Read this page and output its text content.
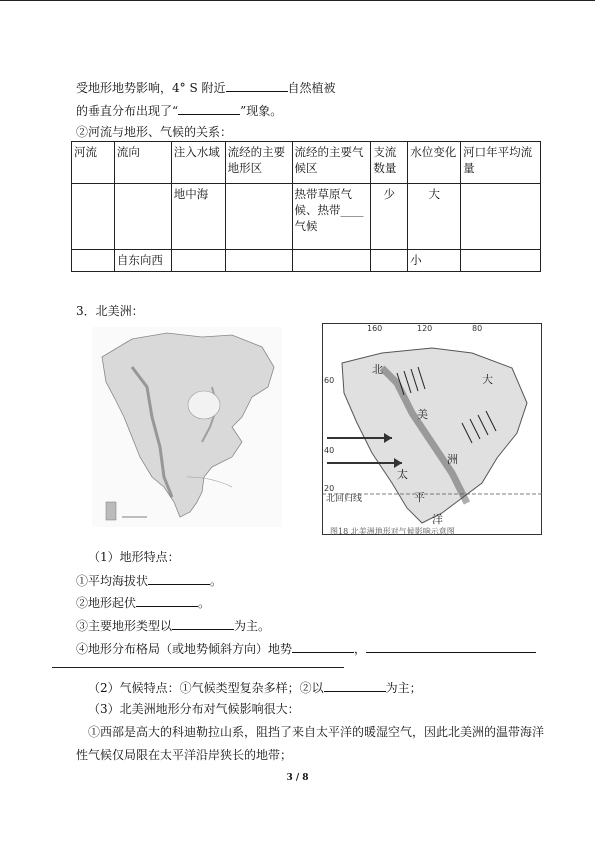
受地形地势影响，4° S 附近	自然植被
的垂直分布出现了“	”现象。
②河流与地形、气候的关系：
河流	流向	注入水域	流经的主要地形区	流经的主要气候区	支流数量	水位变化	河口年平均流量
		地中海		热带草原气候、热带____气候	少	大	
	自东向西					小	
3．北美洲：
160	120	80
60
40
20
北回归线
北
美
洲
太
平
洋
大
图18 北美洲地形对气候影响示意图
（1）地形特点：
①平均海拔状	。
②地形起伏	。
③主要地形类型以	为主。
④地形分布格局（或地势倾斜方向）地势	，
（2）气候特点：①气候类型复杂多样；②以	为主；
（3）北美洲地形分布对气候影响很大：
①西部是高大的科迪勒拉山系，阻挡了来自太平洋的暖湿空气，因此北美洲的温带海洋
性气候仅局限在太平洋沿岸狭长的地带；
3 / 8
